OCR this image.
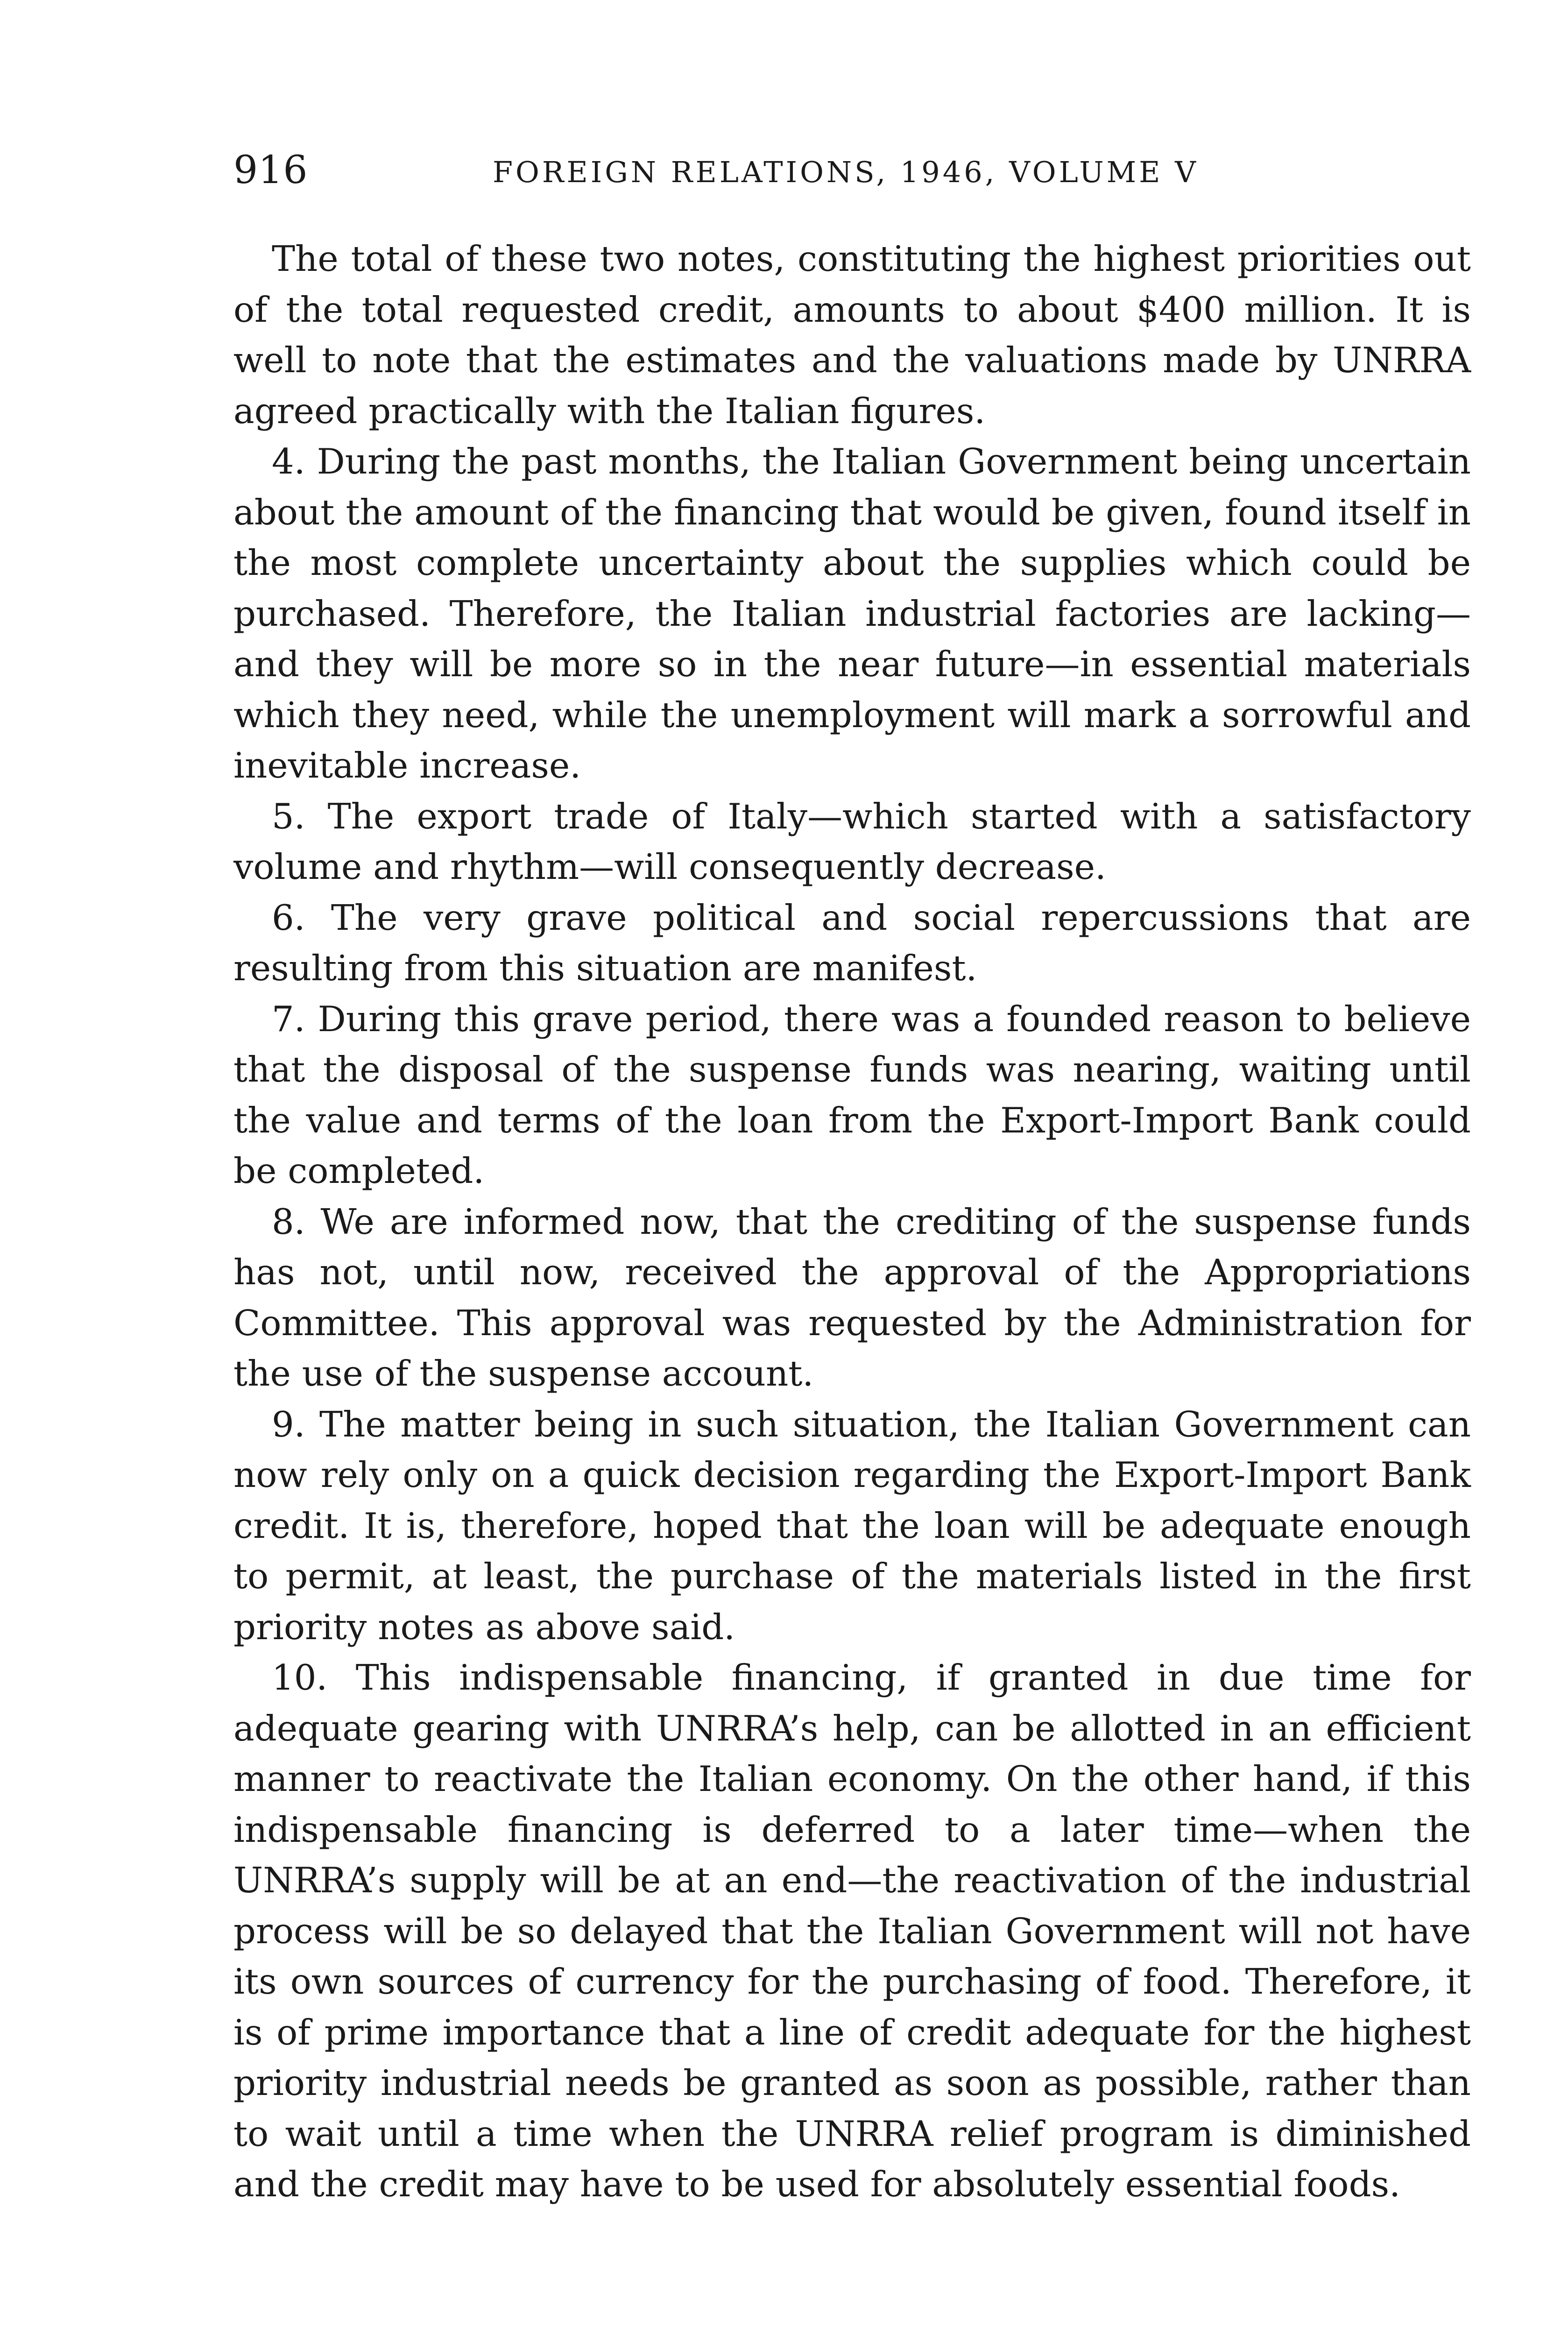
916	FOREIGN RELATIONS, 1946, VOLUME V

The total of these two notes, constituting the highest priorities out of the total requested credit, amounts to about $400 million. It is well to note that the estimates and the valuations made by UNRRA agreed practically with the Italian figures.

4. During the past months, the Italian Government being uncertain about the amount of the financing that would be given, found itself in the most complete uncertainty about the supplies which could be purchased. Therefore, the Italian industrial factories are lacking—and they will be more so in the near future—in essential materials which they need, while the unemployment will mark a sorrowful and inevitable increase.

5. The export trade of Italy—which started with a satisfactory volume and rhythm—will consequently decrease.

6. The very grave political and social repercussions that are resulting from this situation are manifest.

7. During this grave period, there was a founded reason to believe that the disposal of the suspense funds was nearing, waiting until the value and terms of the loan from the Export-Import Bank could be completed.

8. We are informed now, that the crediting of the suspense funds has not, until now, received the approval of the Appropriations Committee. This approval was requested by the Administration for the use of the suspense account.

9. The matter being in such situation, the Italian Government can now rely only on a quick decision regarding the Export-Import Bank credit. It is, therefore, hoped that the loan will be adequate enough to permit, at least, the purchase of the materials listed in the first priority notes as above said.

10. This indispensable financing, if granted in due time for adequate gearing with UNRRA’s help, can be allotted in an efficient manner to reactivate the Italian economy. On the other hand, if this indispensable financing is deferred to a later time—when the UNRRA’s supply will be at an end—the reactivation of the industrial process will be so delayed that the Italian Government will not have its own sources of currency for the purchasing of food. Therefore, it is of prime importance that a line of credit adequate for the highest priority industrial needs be granted as soon as possible, rather than to wait until a time when the UNRRA relief program is diminished and the credit may have to be used for absolutely essential foods.
